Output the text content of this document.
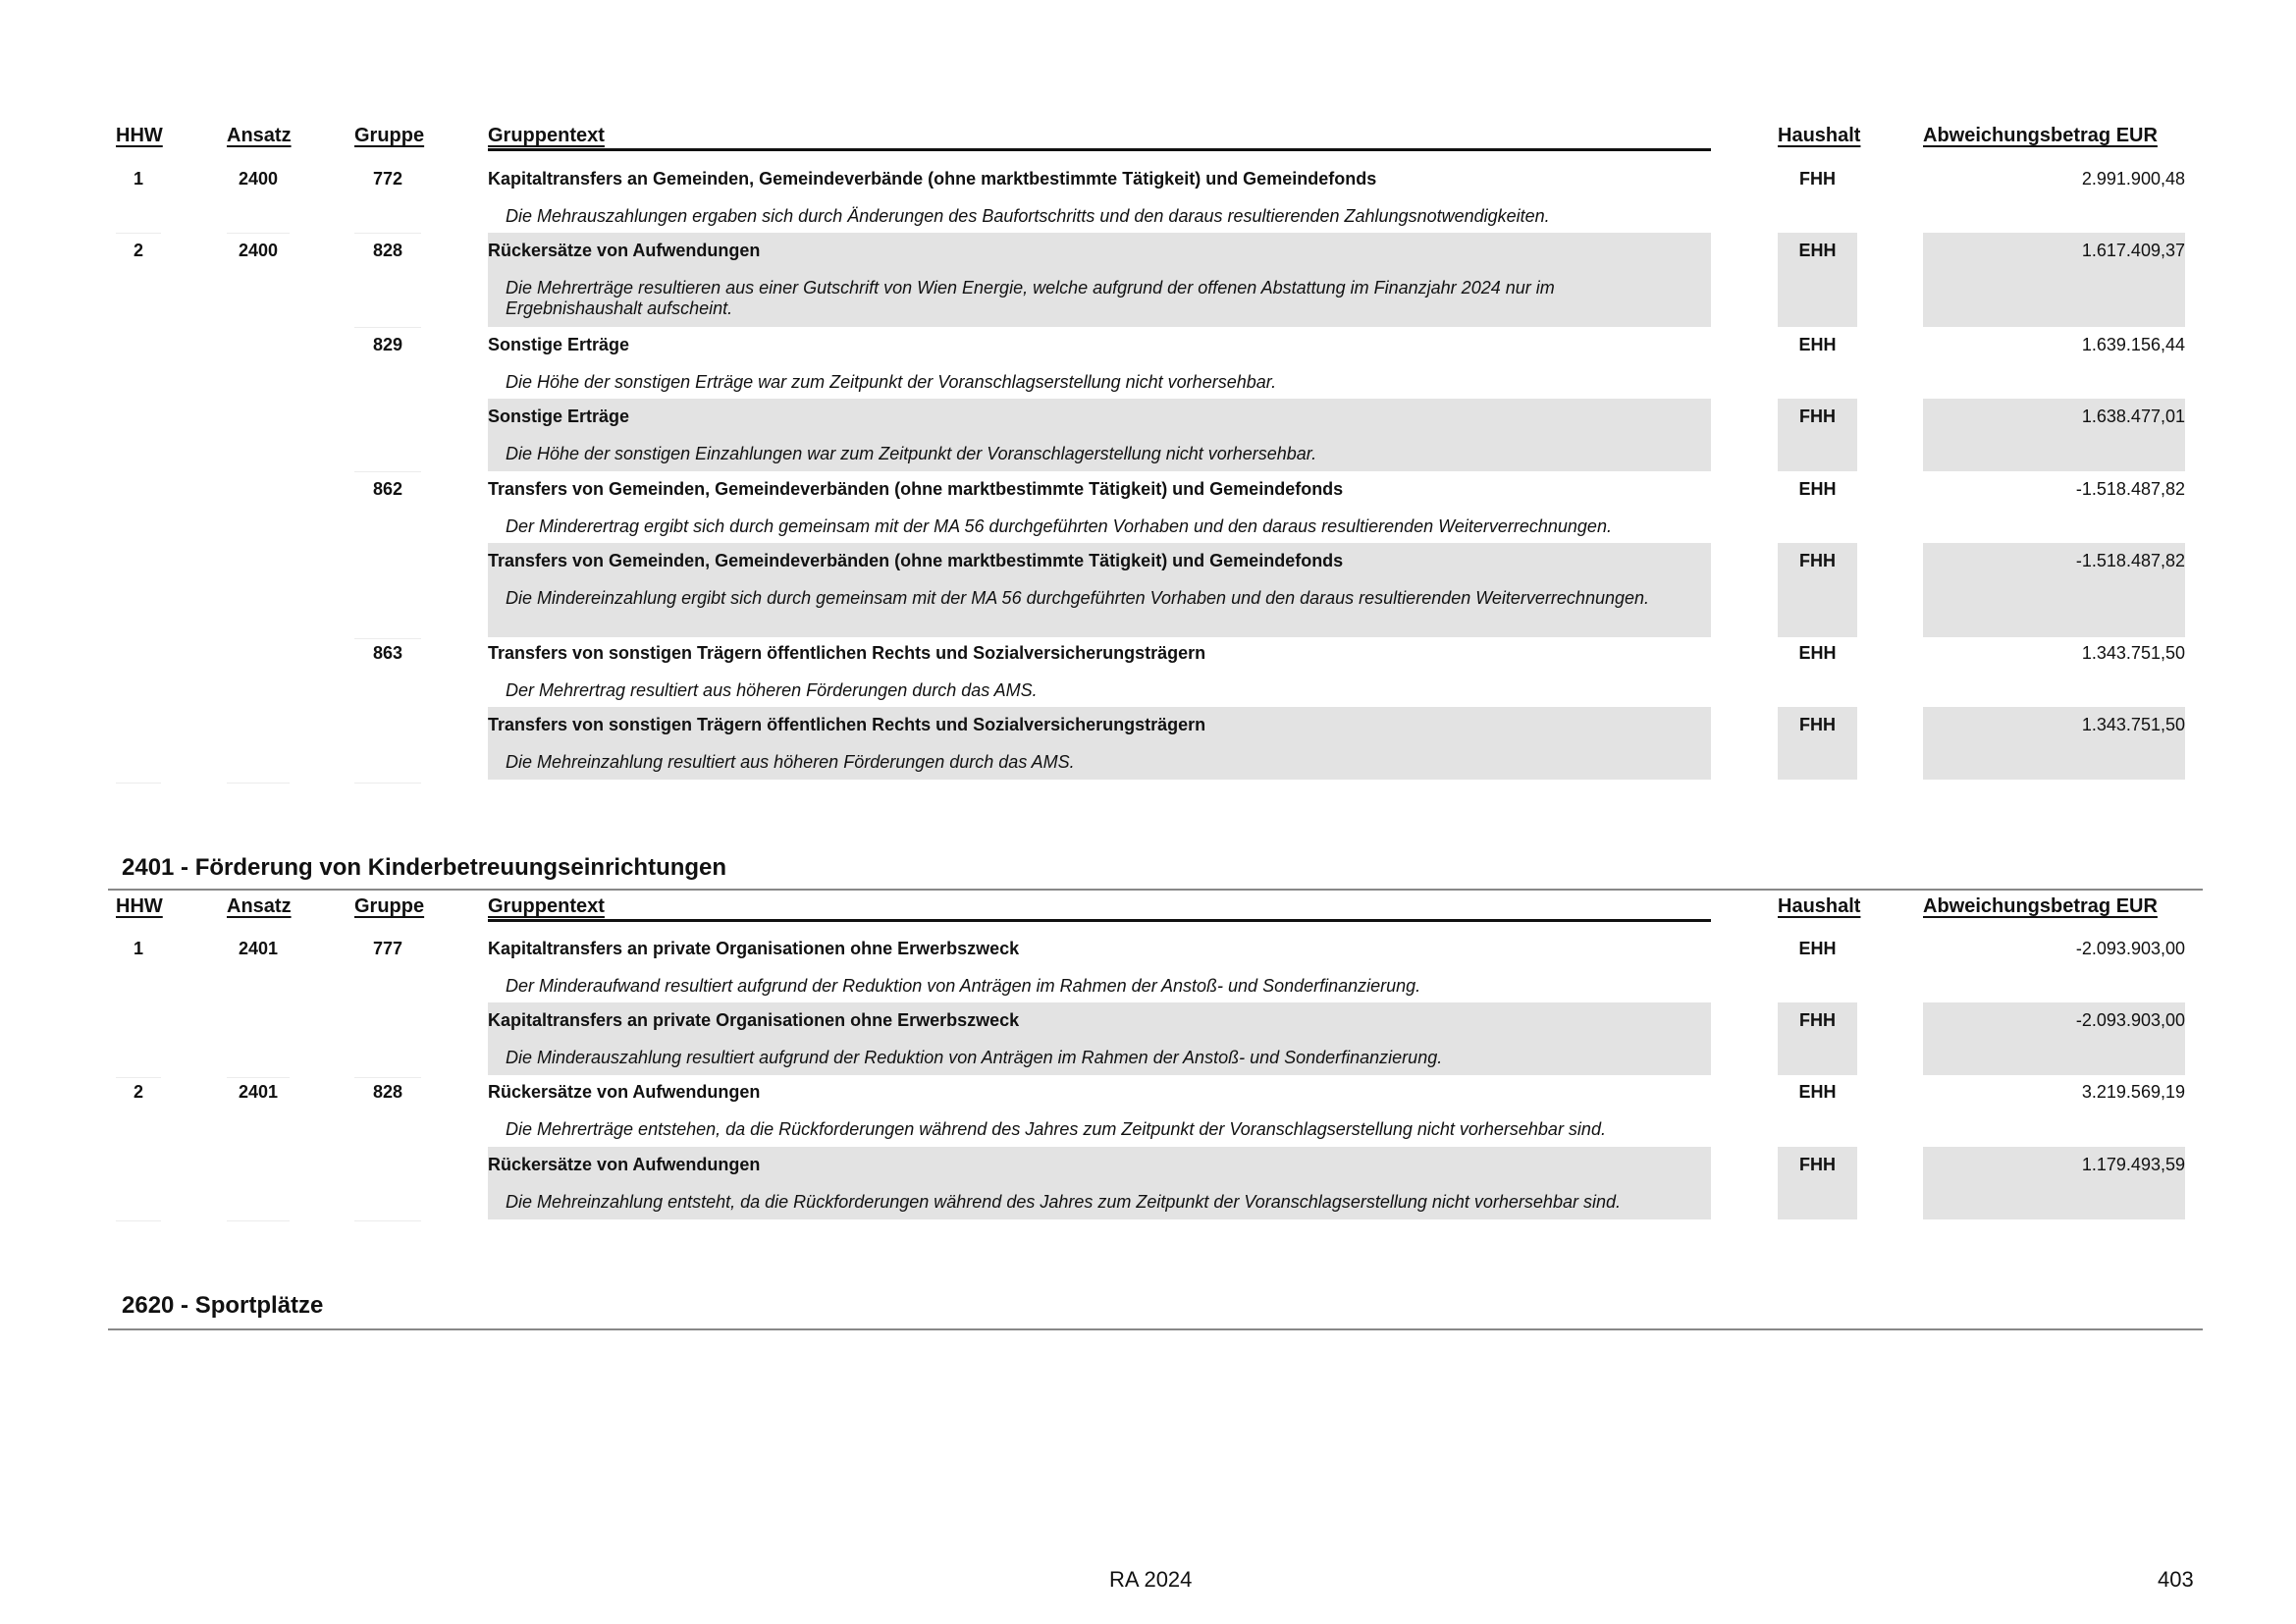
HHW	Ansatz	Gruppe	Gruppentext	Haushalt	Abweichungsbetrag EUR
1	2400	772	Kapitaltransfers an Gemeinden, Gemeindeverbände (ohne marktbestimmte Tätigkeit) und Gemeindefonds
Die Mehrauszahlungen ergaben sich durch Änderungen des Baufortschritts und den daraus resultierenden Zahlungsnotwendigkeiten.
FHH	2.991.900,48
2	2400	828	Rückersätze von Aufwendungen
Die Mehrerträge resultieren aus einer Gutschrift von Wien Energie, welche aufgrund der offenen Abstattung im Finanzjahr 2024 nur im Ergebnishaushalt aufscheint.
EHH	1.617.409,37
829	Sonstige Erträge
Die Höhe der sonstigen Erträge war zum Zeitpunkt der Voranschlagserstellung nicht vorhersehbar.
EHH	1.639.156,44
Sonstige Erträge
Die Höhe der sonstigen Einzahlungen war zum Zeitpunkt der Voranschlagerstellung nicht vorhersehbar.
FHH	1.638.477,01
862	Transfers von Gemeinden, Gemeindeverbänden (ohne marktbestimmte Tätigkeit) und Gemeindefonds
Der Minderertrag ergibt sich durch gemeinsam mit der MA 56 durchgeführten Vorhaben und den daraus resultierenden Weiterverrechnungen.
EHH	-1.518.487,82
Transfers von Gemeinden, Gemeindeverbänden (ohne marktbestimmte Tätigkeit) und Gemeindefonds
Die Mindereinzahlung ergibt sich durch gemeinsam mit der MA 56 durchgeführten Vorhaben und den daraus resultierenden Weiterverrechnungen.
FHH	-1.518.487,82
863	Transfers von sonstigen Trägern öffentlichen Rechts und Sozialversicherungsträgern
Der Mehrertrag resultiert aus höheren Förderungen durch das AMS.
EHH	1.343.751,50
Transfers von sonstigen Trägern öffentlichen Rechts und Sozialversicherungsträgern
Die Mehreinzahlung resultiert aus höheren Förderungen durch das AMS.
FHH	1.343.751,50
2401 - Förderung von Kinderbetreuungseinrichtungen
HHW	Ansatz	Gruppe	Gruppentext	Haushalt	Abweichungsbetrag EUR
1	2401	777	Kapitaltransfers an private Organisationen ohne Erwerbszweck
Der Minderaufwand resultiert aufgrund der Reduktion von Anträgen im Rahmen der Anstoß- und Sonderfinanzierung.
EHH	-2.093.903,00
Kapitaltransfers an private Organisationen ohne Erwerbszweck
Die Minderauszahlung resultiert aufgrund der Reduktion von Anträgen im Rahmen der Anstoß- und Sonderfinanzierung.
FHH	-2.093.903,00
2	2401	828	Rückersätze von Aufwendungen
Die Mehrerträge entstehen, da die Rückforderungen während des Jahres zum Zeitpunkt der Voranschlagserstellung nicht vorhersehbar sind.
EHH	3.219.569,19
Rückersätze von Aufwendungen
Die Mehreinzahlung entsteht, da die Rückforderungen während des Jahres zum Zeitpunkt der Voranschlagserstellung nicht vorhersehbar sind.
FHH	1.179.493,59
2620 - Sportplätze
RA 2024	403
